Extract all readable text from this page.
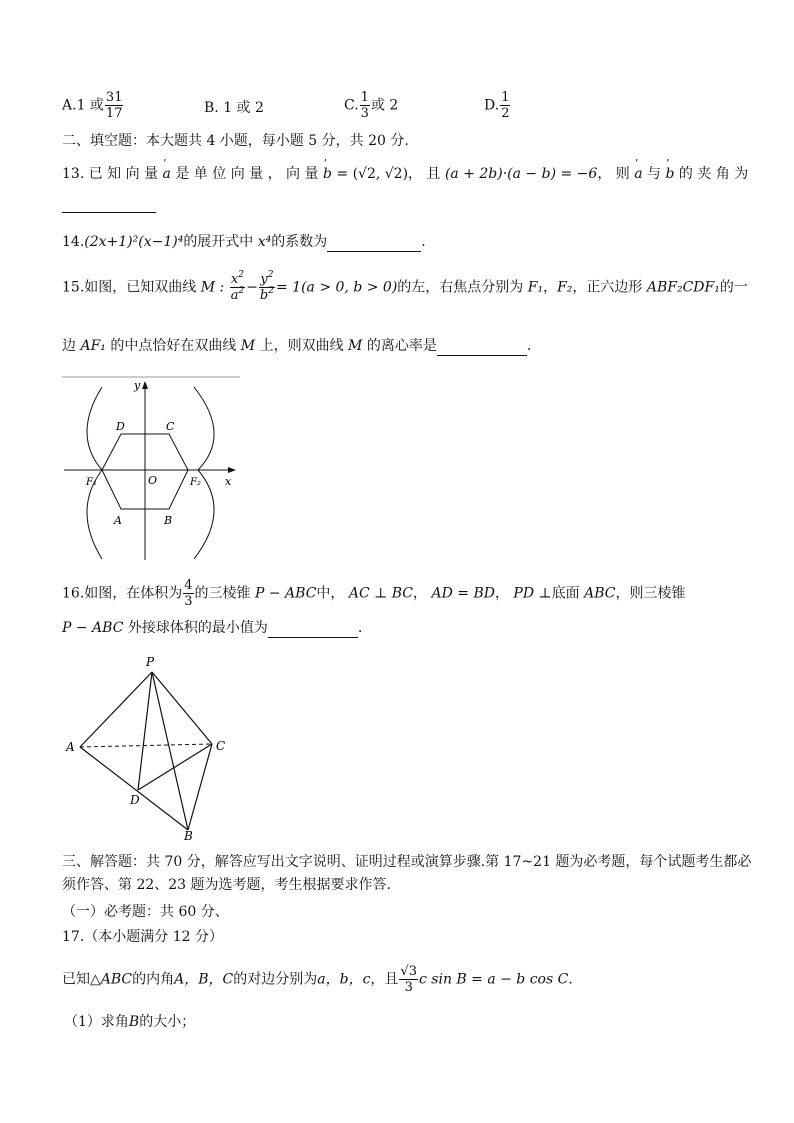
A.1 或 $\frac{31}{17}$	B. 1 或 2	C. $\frac{1}{3}$ 或 2	D. $\frac{1}{2}$
二、填空题：本大题共 4 小题，每小题 5 分，共 20 分.
13. 已 知 向 量 ˈ a 是 单 位 向 量 ， 向 量 ˈ b = (√2, √2)， 且 (a + 2b)·(a − b) = −6， 则 ˈ a 与 ˈ b 的 夹 角 为
14.(2x+1)²(x−1)⁴的展开式中 x⁴的系数为	.
15.如图，已知双曲线 M : $\frac{x^2}{a^2} - \frac{y^2}{b^2} = 1(a > 0$, b > 0)的左，右焦点分别为 F₁，F₂，正六边形 ABF₂CDF₁的一
边 AF₁ 的中点恰好在双曲线 M 上，则双曲线 M 的离心率是	.
y
x
O
D	C
A	B
F₁	F₂
16.如图，在体积为 $\frac{4}{3}$ 的三棱锥 P − ABC中， AC ⊥ BC， AD = BD， PD ⊥底面 ABC，则三棱锥
P − ABC 外接球体积的最小值为	.
P
A	C
D
B
三、解答题：共 70 分，解答应写出文字说明、证明过程或演算步骤.第 17~21 题为必考题，每个试题考生都必
须作答、第 22、23 题为选考题，考生根据要求作答.
（一）必考题：共 60 分、
17.（本小题满分 12 分）
已知△ABC的内角A，B，C的对边分别为a，b，c，且 $\frac{√3}{3}$ c sin B = a − b cos C.
（1）求角B的大小；
